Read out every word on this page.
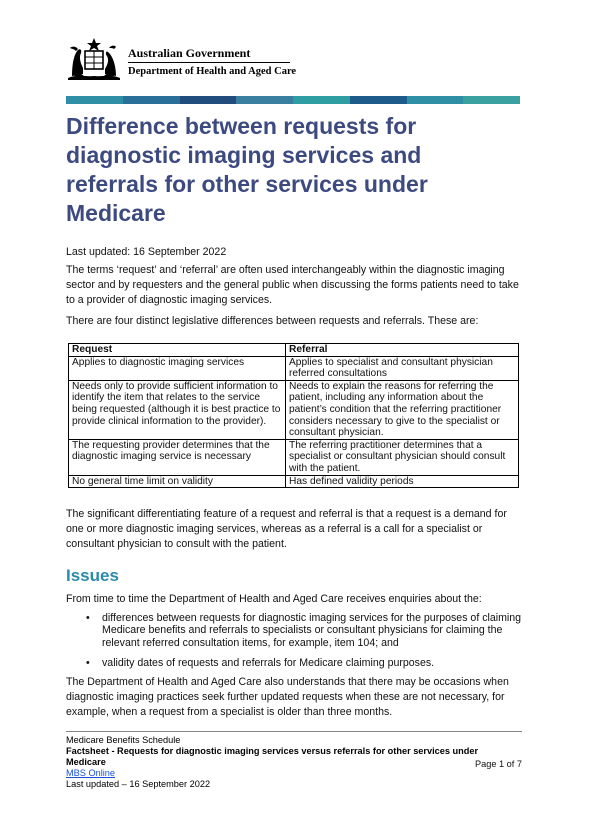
Australian Government
Department of Health and Aged Care
Difference between requests for diagnostic imaging services and referrals for other services under Medicare

Last updated: 16 September 2022

The terms ‘request’ and ‘referral’ are often used interchangeably within the diagnostic imaging sector and by requesters and the general public when discussing the forms patients need to take to a provider of diagnostic imaging services.

There are four distinct legislative differences between requests and referrals. These are:

Request	Referral
Applies to diagnostic imaging services	Applies to specialist and consultant physician referred consultations
Needs only to provide sufficient information to identify the item that relates to the service being requested (although it is best practice to provide clinical information to the provider).	Needs to explain the reasons for referring the patient, including any information about the patient’s condition that the referring practitioner considers necessary to give to the specialist or consultant physician.
The requesting provider determines that the diagnostic imaging service is necessary	The referring practitioner determines that a specialist or consultant physician should consult with the patient.
No general time limit on validity	Has defined validity periods

The significant differentiating feature of a request and referral is that a request is a demand for one or more diagnostic imaging services, whereas as a referral is a call for a specialist or consultant physician to consult with the patient.

Issues

From time to time the Department of Health and Aged Care receives enquiries about the:

• differences between requests for diagnostic imaging services for the purposes of claiming Medicare benefits and referrals to specialists or consultant physicians for claiming the relevant referred consultation items, for example, item 104; and
• validity dates of requests and referrals for Medicare claiming purposes.

The Department of Health and Aged Care also understands that there may be occasions when diagnostic imaging practices seek further updated requests when these are not necessary, for example, when a request from a specialist is older than three months.

Medicare Benefits Schedule

Factsheet - Requests for diagnostic imaging services versus referrals for other services under Medicare	Page 1 of 7

MBS Online

Last updated – 16 September 2022
